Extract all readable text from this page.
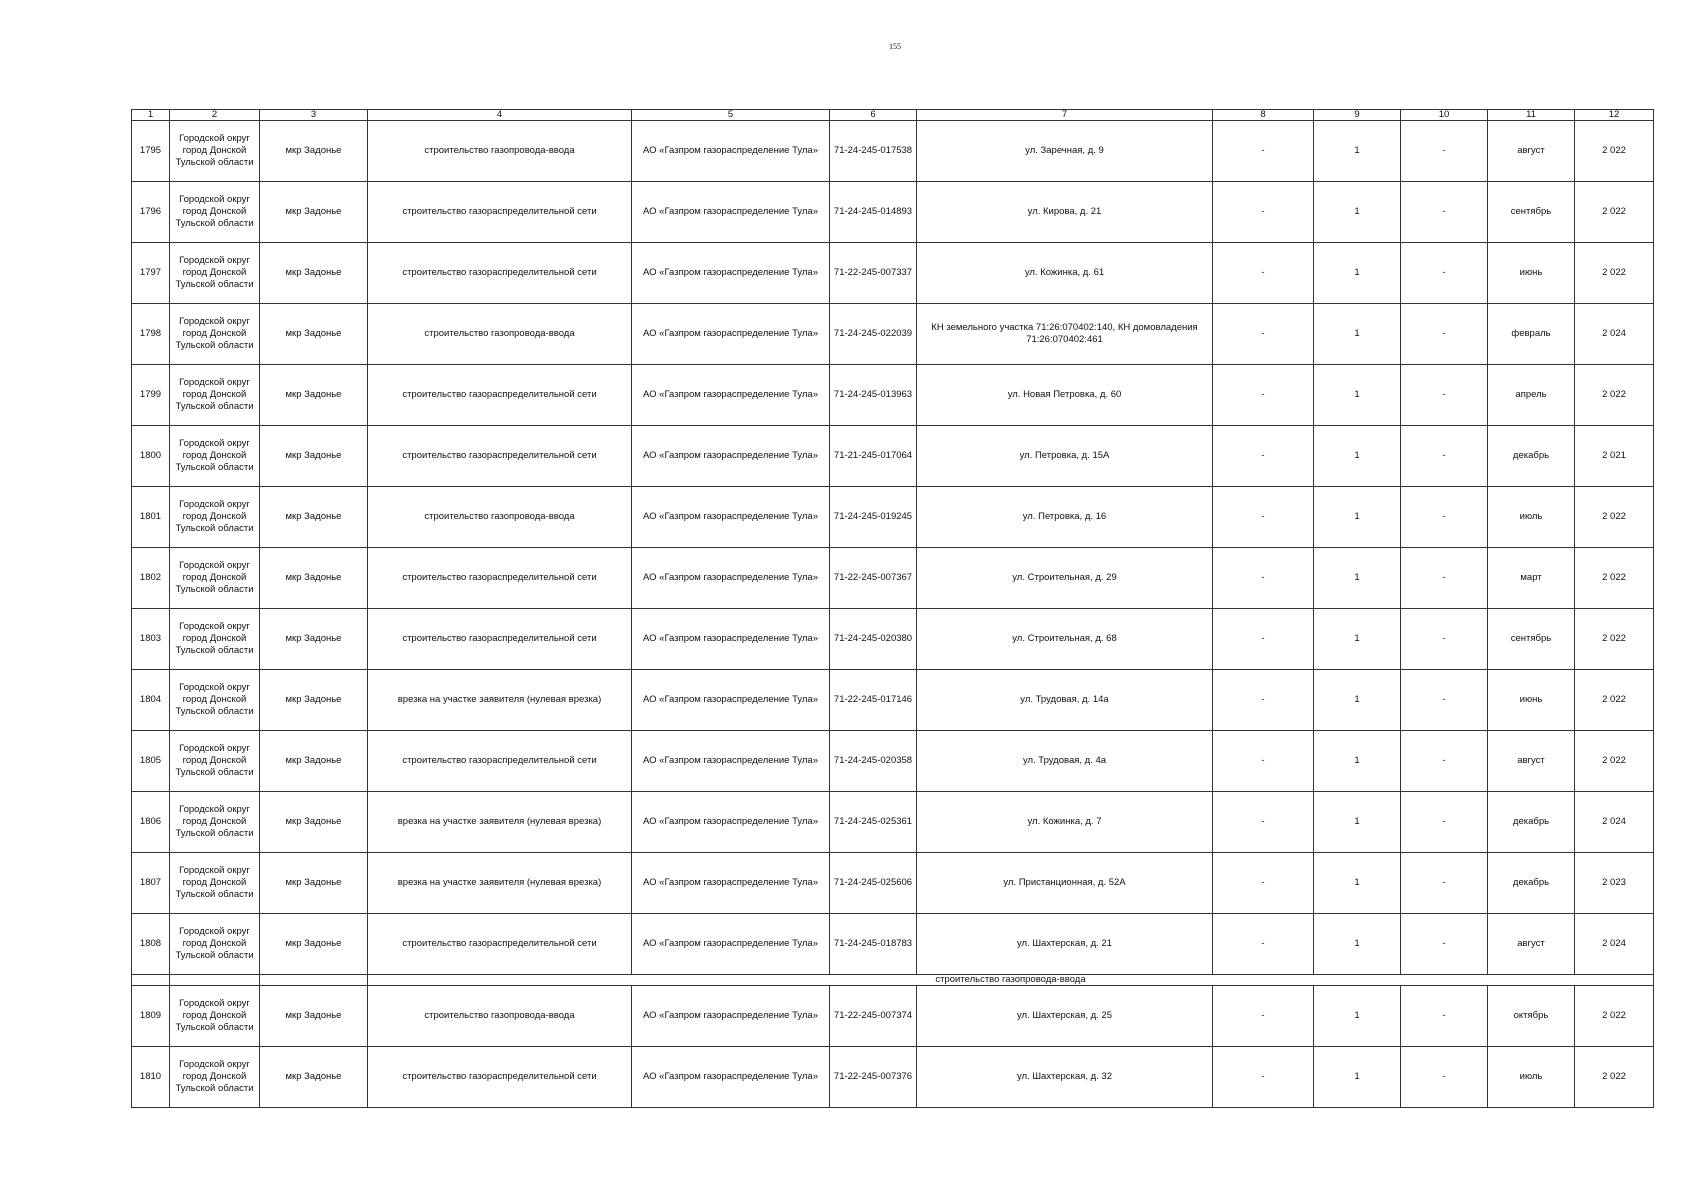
155
1	2	3	4	5	6	7	8	9	10	11	12
1795	Городской округ город Донской Тульской области	мкр Задонье	строительство газопровода-ввода	АО «Газпром газораспределение Тула»	71-24-245-017538	ул. Заречная, д. 9	-	1	-	август	2 022
1796	Городской округ город Донской Тульской области	мкр Задонье	строительство газораспределительной сети	АО «Газпром газораспределение Тула»	71-24-245-014893	ул. Кирова, д. 21	-	1	-	сентябрь	2 022
1797	Городской округ город Донской Тульской области	мкр Задонье	строительство газораспределительной сети	АО «Газпром газораспределение Тула»	71-22-245-007337	ул. Кожинка, д. 61	-	1	-	июнь	2 022
1798	Городской округ город Донской Тульской области	мкр Задонье	строительство газопровода-ввода	АО «Газпром газораспределение Тула»	71-24-245-022039	КН земельного участка 71:26:070402:140, КН домовладения 71:26:070402:461	-	1	-	февраль	2 024
1799	Городской округ город Донской Тульской области	мкр Задонье	строительство газораспределительной сети	АО «Газпром газораспределение Тула»	71-24-245-013963	ул. Новая Петровка, д. 60	-	1	-	апрель	2 022
1800	Городской округ город Донской Тульской области	мкр Задонье	строительство газораспределительной сети	АО «Газпром газораспределение Тула»	71-21-245-017064	ул. Петровка, д. 15А	-	1	-	декабрь	2 021
1801	Городской округ город Донской Тульской области	мкр Задонье	строительство газопровода-ввода	АО «Газпром газораспределение Тула»	71-24-245-019245	ул. Петровка, д. 16	-	1	-	июль	2 022
1802	Городской округ город Донской Тульской области	мкр Задонье	строительство газораспределительной сети	АО «Газпром газораспределение Тула»	71-22-245-007367	ул. Строительная, д. 29	-	1	-	март	2 022
1803	Городской округ город Донской Тульской области	мкр Задонье	строительство газораспределительной сети	АО «Газпром газораспределение Тула»	71-24-245-020380	ул. Строительная, д. 68	-	1	-	сентябрь	2 022
1804	Городской округ город Донской Тульской области	мкр Задонье	врезка на участке заявителя (нулевая врезка)	АО «Газпром газораспределение Тула»	71-22-245-017146	ул. Трудовая, д. 14а	-	1	-	июнь	2 022
1805	Городской округ город Донской Тульской области	мкр Задонье	строительство газораспределительной сети	АО «Газпром газораспределение Тула»	71-24-245-020358	ул. Трудовая, д. 4а	-	1	-	август	2 022
1806	Городской округ город Донской Тульской области	мкр Задонье	врезка на участке заявителя (нулевая врезка)	АО «Газпром газораспределение Тула»	71-24-245-025361	ул. Кожинка, д. 7	-	1	-	декабрь	2 024
1807	Городской округ город Донской Тульской области	мкр Задонье	врезка на участке заявителя (нулевая врезка)	АО «Газпром газораспределение Тула»	71-24-245-025606	ул. Пристанционная, д. 52А	-	1	-	декабрь	2 023
1808	Городской округ город Донской Тульской области	мкр Задонье	строительство газораспределительной сети	АО «Газпром газораспределение Тула»	71-24-245-018783	ул. Шахтерская, д. 21	-	1	-	август	2 024
			строительство газопровода-ввода								
1809	Городской округ город Донской Тульской области	мкр Задонье	строительство газопровода-ввода	АО «Газпром газораспределение Тула»	71-22-245-007374	ул. Шахтерская, д. 25	-	1	-	октябрь	2 022
1810	Городской округ город Донской Тульской области	мкр Задонье	строительство газораспределительной сети	АО «Газпром газораспределение Тула»	71-22-245-007376	ул. Шахтерская, д. 32	-	1	-	июль	2 022
